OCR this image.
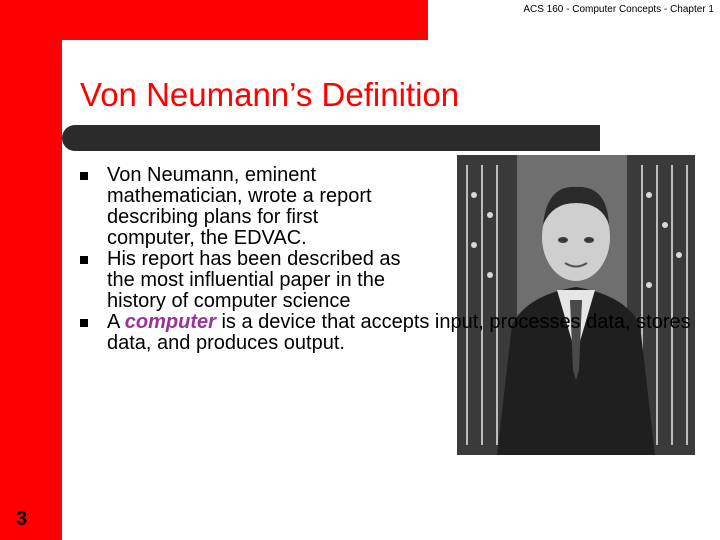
ACS 160 - Computer Concepts - Chapter 1
Von Neumann’s Definition
Von Neumann, eminent mathematician, wrote a report describing plans for first computer, the EDVAC.
His report has been described as the most influential paper in the history of computer science
A computer is a device that accepts input, processes data, stores data, and produces output.
3
